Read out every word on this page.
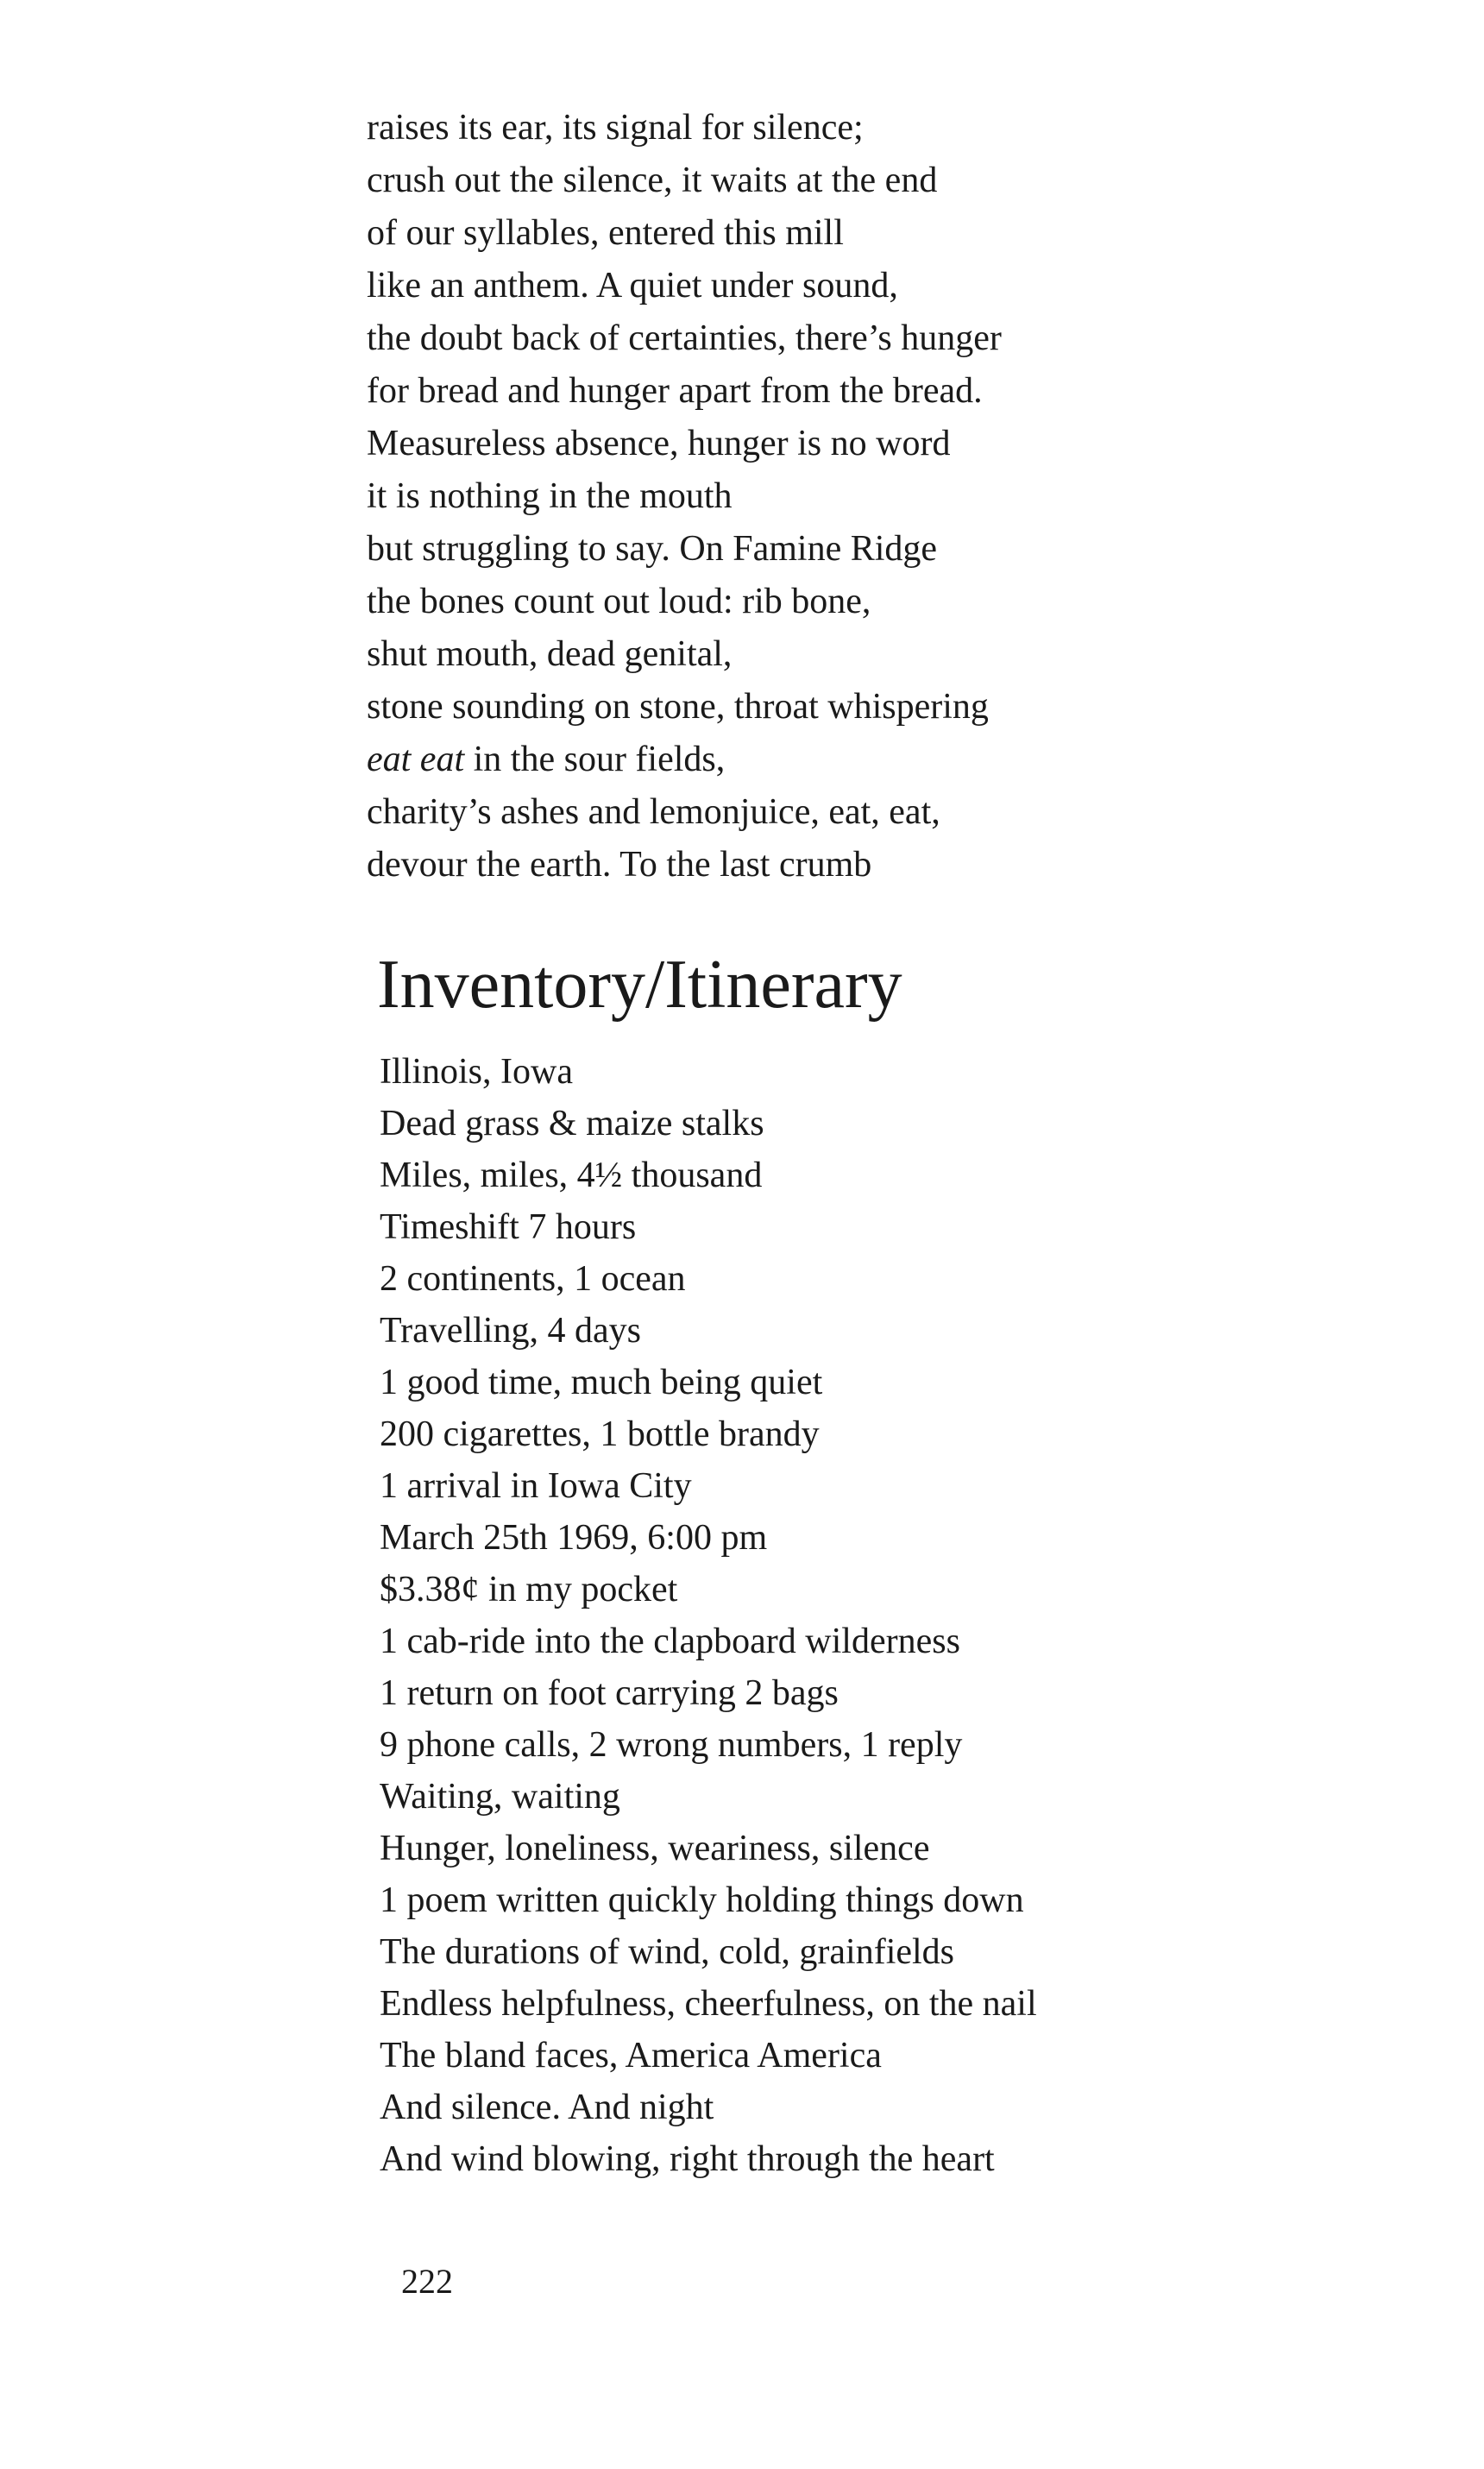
raises its ear, its signal for silence;
crush out the silence, it waits at the end
of our syllables, entered this mill
like an anthem. A quiet under sound,
the doubt back of certainties, there’s hunger
for bread and hunger apart from the bread.
Measureless absence, hunger is no word
it is nothing in the mouth
but struggling to say. On Famine Ridge
the bones count out loud: rib bone,
shut mouth, dead genital,
stone sounding on stone, throat whispering
eat eat in the sour fields,
charity’s ashes and lemonjuice, eat, eat,
devour the earth. To the last crumb
Inventory/Itinerary
Illinois, Iowa
Dead grass & maize stalks
Miles, miles, 4½ thousand
Timeshift 7 hours
2 continents, 1 ocean
Travelling, 4 days
1 good time, much being quiet
200 cigarettes, 1 bottle brandy
1 arrival in Iowa City
March 25th 1969, 6:00 pm
$3.38¢ in my pocket
1 cab-ride into the clapboard wilderness
1 return on foot carrying 2 bags
9 phone calls, 2 wrong numbers, 1 reply
Waiting, waiting
Hunger, loneliness, weariness, silence
1 poem written quickly holding things down
The durations of wind, cold, grainfields
Endless helpfulness, cheerfulness, on the nail
The bland faces, America America
And silence. And night
And wind blowing, right through the heart
222
